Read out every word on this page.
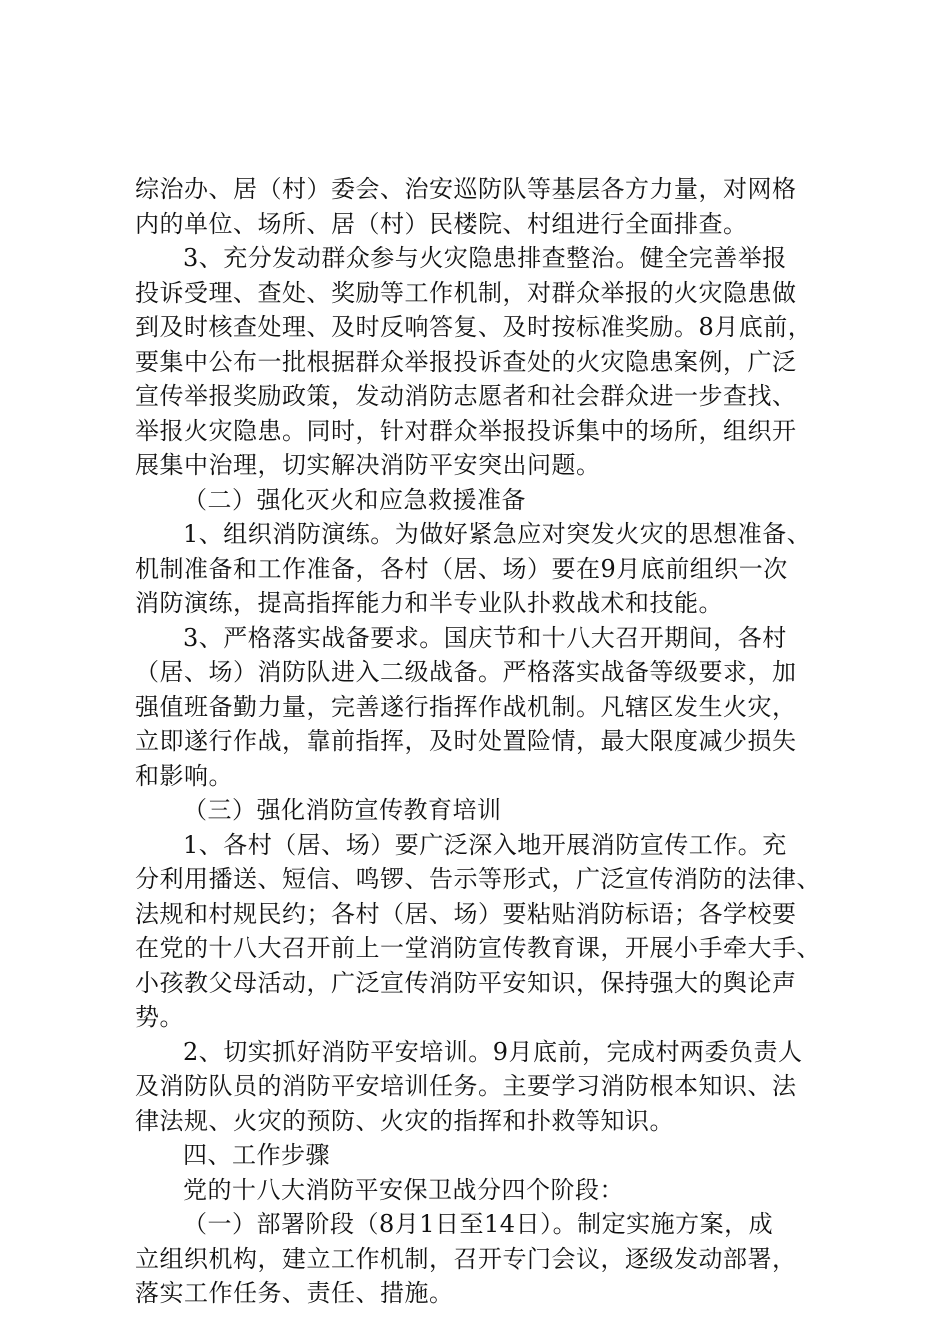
综治办、居（村）委会、治安巡防队等基层各方力量，对网格
内的单位、场所、居（村）民楼院、村组进行全面排查。
3、充分发动群众参与火灾隐患排查整治。健全完善举报
投诉受理、查处、奖励等工作机制，对群众举报的火灾隐患做
到及时核查处理、及时反响答复、及时按标准奖励。8月底前，
要集中公布一批根据群众举报投诉查处的火灾隐患案例，广泛
宣传举报奖励政策，发动消防志愿者和社会群众进一步查找、
举报火灾隐患。同时，针对群众举报投诉集中的场所，组织开
展集中治理，切实解决消防平安突出问题。
（二）强化灭火和应急救援准备
1、组织消防演练。为做好紧急应对突发火灾的思想准备、
机制准备和工作准备，各村（居、场）要在9月底前组织一次
消防演练，提高指挥能力和半专业队扑救战术和技能。
3、严格落实战备要求。国庆节和十八大召开期间，各村
（居、场）消防队进入二级战备。严格落实战备等级要求，加
强值班备勤力量，完善遂行指挥作战机制。凡辖区发生火灾，
立即遂行作战，靠前指挥，及时处置险情，最大限度减少损失
和影响。
（三）强化消防宣传教育培训
1、各村（居、场）要广泛深入地开展消防宣传工作。充
分利用播送、短信、鸣锣、告示等形式，广泛宣传消防的法律、
法规和村规民约；各村（居、场）要粘贴消防标语；各学校要
在党的十八大召开前上一堂消防宣传教育课，开展小手牵大手、
小孩教父母活动，广泛宣传消防平安知识，保持强大的舆论声
势。
2、切实抓好消防平安培训。9月底前，完成村两委负责人
及消防队员的消防平安培训任务。主要学习消防根本知识、法
律法规、火灾的预防、火灾的指挥和扑救等知识。
四、工作步骤
党的十八大消防平安保卫战分四个阶段：
（一）部署阶段（8月1日至14日）。制定实施方案，成
立组织机构，建立工作机制，召开专门会议，逐级发动部署，
落实工作任务、责任、措施。
